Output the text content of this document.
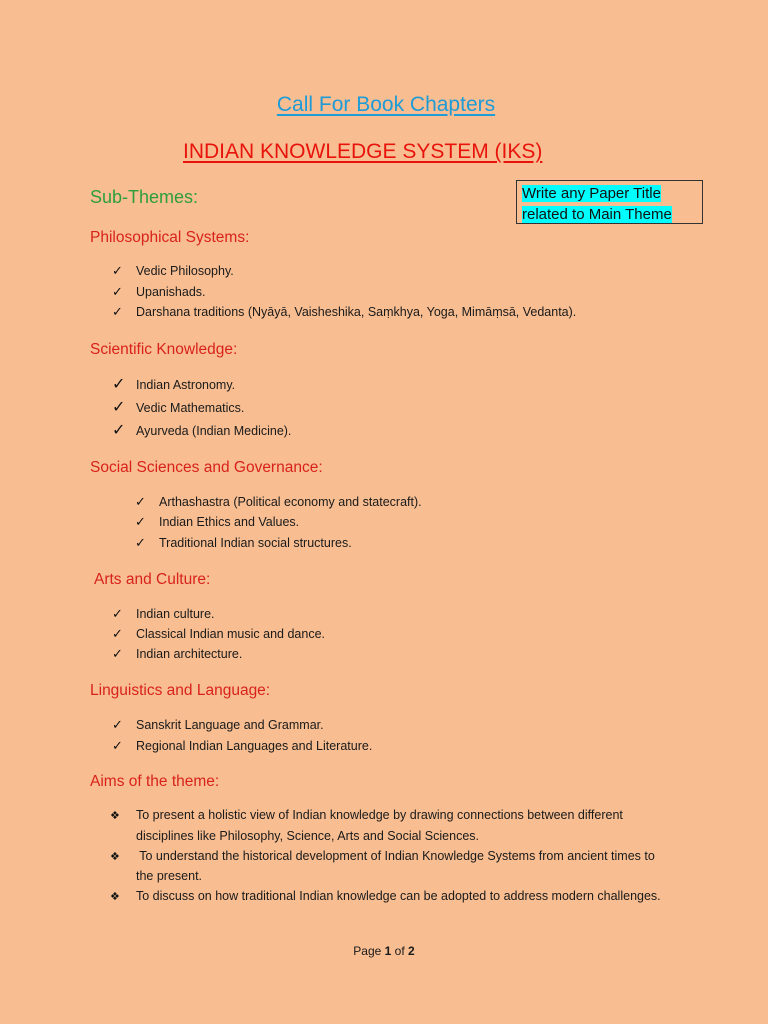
Call For Book Chapters
INDIAN KNOWLEDGE SYSTEM (IKS)
Sub-Themes:	Write any Paper Title
related to Main Theme
Philosophical Systems:
✓ Vedic Philosophy.
✓ Upanishads.
✓ Darshana traditions (Nyāyā, Vaisheshika, Saṃkhya, Yoga, Mimāṃsā, Vedanta).
Scientific Knowledge:
✓ Indian Astronomy.
✓ Vedic Mathematics.
✓ Ayurveda (Indian Medicine).
Social Sciences and Governance:
✓ Arthashastra (Political economy and statecraft).
✓ Indian Ethics and Values.
✓ Traditional Indian social structures.
Arts and Culture:
✓ Indian culture.
✓ Classical Indian music and dance.
✓ Indian architecture.
Linguistics and Language:
✓ Sanskrit Language and Grammar.
✓ Regional Indian Languages and Literature.
Aims of the theme:
❖ To present a holistic view of Indian knowledge by drawing connections between different
disciplines like Philosophy, Science, Arts and Social Sciences.
❖ To understand the historical development of Indian Knowledge Systems from ancient times to
the present.
❖ To discuss on how traditional Indian knowledge can be adopted to address modern challenges.
Page 1 of 2
